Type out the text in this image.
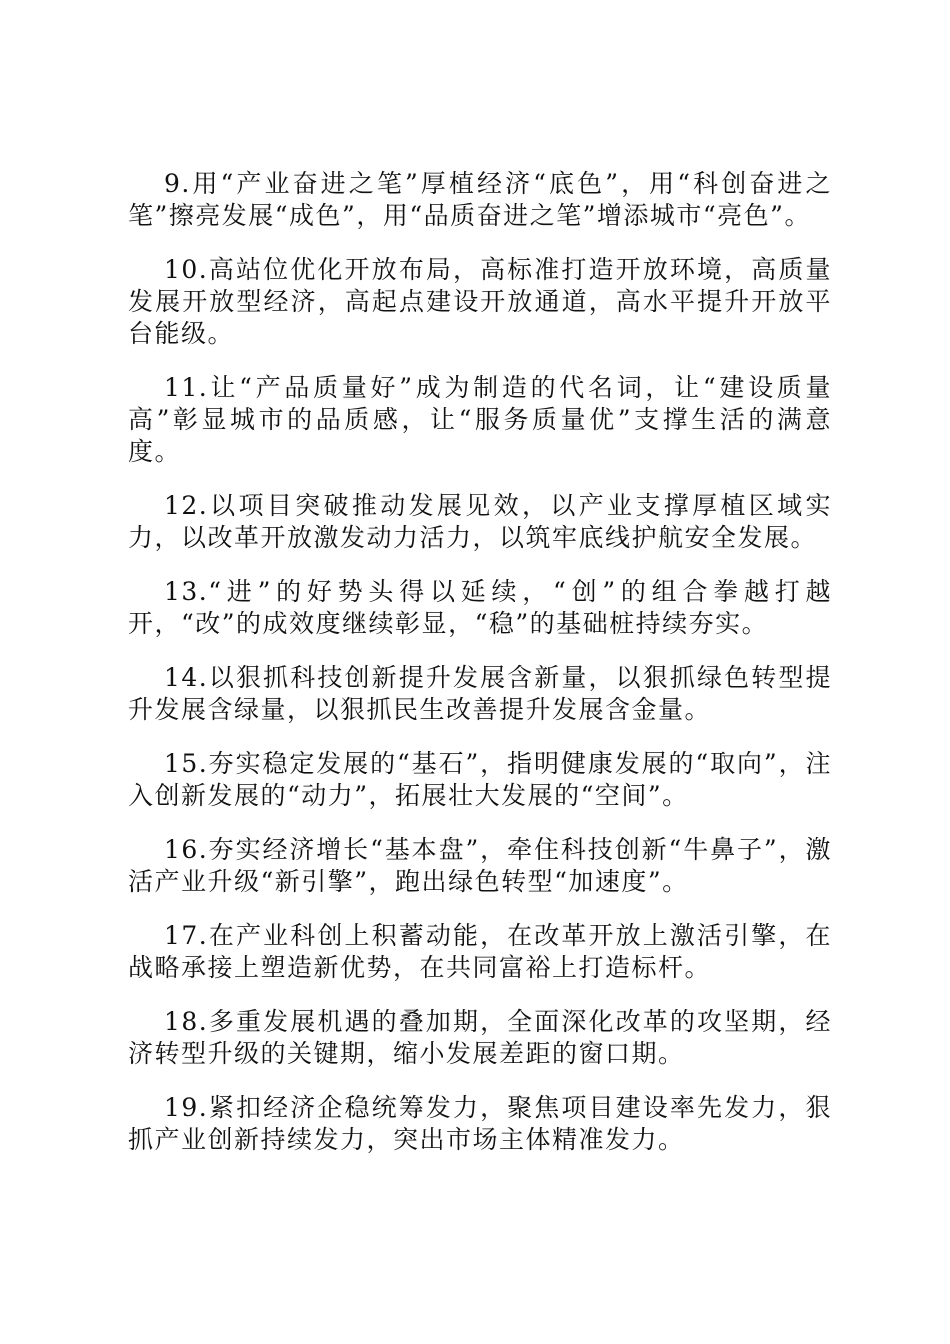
9.用“产业奋进之笔”厚植经济“底色”，用“科创奋进之笔”擦亮发展“成色”，用“品质奋进之笔”增添城市“亮色”。

10.高站位优化开放布局，高标准打造开放环境，高质量发展开放型经济，高起点建设开放通道，高水平提升开放平台能级。

11.让“产品质量好”成为制造的代名词，让“建设质量高”彰显城市的品质感，让“服务质量优”支撑生活的满意度。

12.以项目突破推动发展见效，以产业支撑厚植区域实力，以改革开放激发动力活力，以筑牢底线护航安全发展。

13.“进”的好势头得以延续，“创”的组合拳越打越开，“改”的成效度继续彰显，“稳”的基础桩持续夯实。

14.以狠抓科技创新提升发展含新量，以狠抓绿色转型提升发展含绿量，以狠抓民生改善提升发展含金量。

15.夯实稳定发展的“基石”，指明健康发展的“取向”，注入创新发展的“动力”，拓展壮大发展的“空间”。

16.夯实经济增长“基本盘”，牵住科技创新“牛鼻子”，激活产业升级“新引擎”，跑出绿色转型“加速度”。

17.在产业科创上积蓄动能，在改革开放上激活引擎，在战略承接上塑造新优势，在共同富裕上打造标杆。

18.多重发展机遇的叠加期，全面深化改革的攻坚期，经济转型升级的关键期，缩小发展差距的窗口期。

19.紧扣经济企稳统筹发力，聚焦项目建设率先发力，狠抓产业创新持续发力，突出市场主体精准发力。
